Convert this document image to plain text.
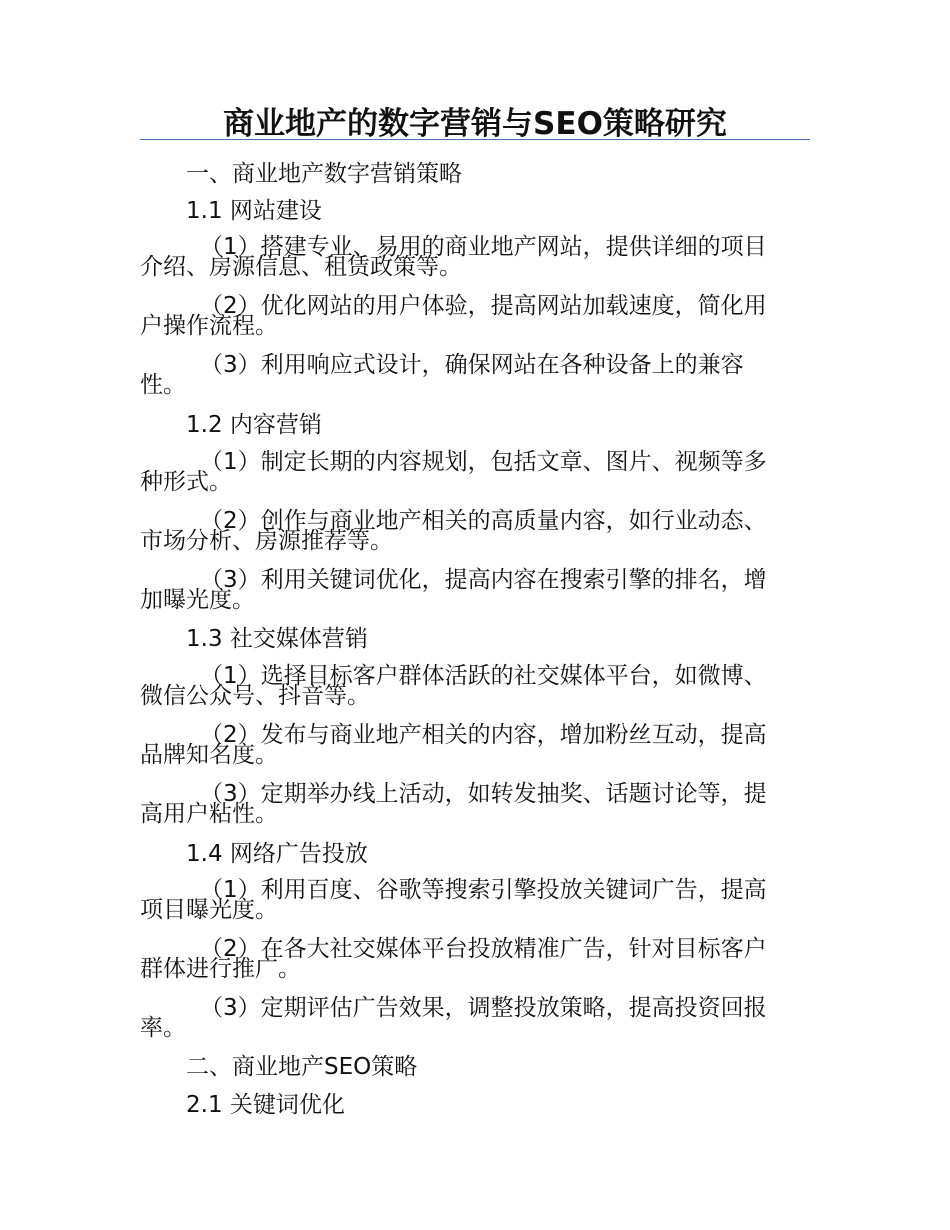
商业地产的数字营销与SEO策略研究
一、商业地产数字营销策略
1.1 网站建设
（1）搭建专业、易用的商业地产网站，提供详细的项目
介绍、房源信息、租赁政策等。
（2）优化网站的用户体验，提高网站加载速度，简化用
户操作流程。
（3）利用响应式设计，确保网站在各种设备上的兼容
性。
1.2 内容营销
（1）制定长期的内容规划，包括文章、图片、视频等多
种形式。
（2）创作与商业地产相关的高质量内容，如行业动态、
市场分析、房源推荐等。
（3）利用关键词优化，提高内容在搜索引擎的排名，增
加曝光度。
1.3 社交媒体营销
（1）选择目标客户群体活跃的社交媒体平台，如微博、
微信公众号、抖音等。
（2）发布与商业地产相关的内容，增加粉丝互动，提高
品牌知名度。
（3）定期举办线上活动，如转发抽奖、话题讨论等，提
高用户粘性。
1.4 网络广告投放
（1）利用百度、谷歌等搜索引擎投放关键词广告，提高
项目曝光度。
（2）在各大社交媒体平台投放精准广告，针对目标客户
群体进行推广。
（3）定期评估广告效果，调整投放策略，提高投资回报
率。
二、商业地产SEO策略
2.1 关键词优化
